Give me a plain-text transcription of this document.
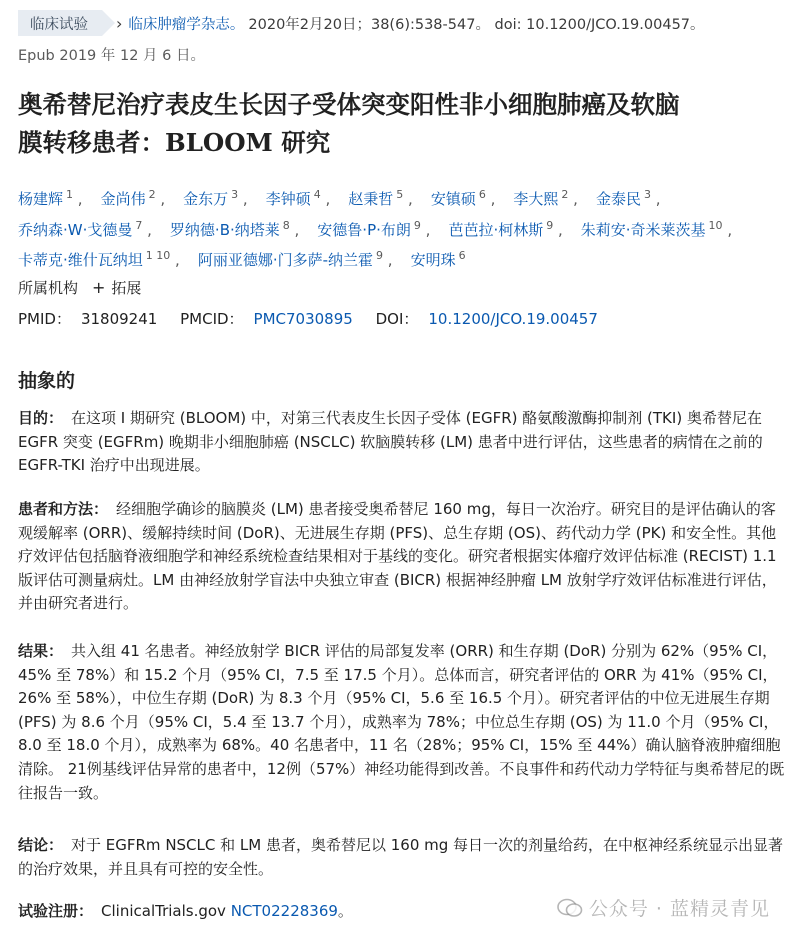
临床试验	› 临床肿瘤学杂志。 2020年2月20日；38(6):538-547。 doi: 10.1200/JCO.19.00457。
Epub 2019 年 12 月 6 日。
奥希替尼治疗表皮生长因子受体突变阳性非小细胞肺癌及软脑
膜转移患者：BLOOM 研究
杨建辉 $^1$ , 金尚伟 $^2$ , 金东万 $^3$ , 李钟硕 $^4$ , 赵秉哲 $^5$ , 安镇硕 $^6$ , 李大熙 $^2$ , 金泰民 $^3$ ,乔纳森·W·戈德曼 $^7$ , 罗纳德·B·纳塔莱 $^8$ , 安德鲁·P·布朗 $^9$ , 芭芭拉·柯林斯 $^9$ , 朱莉安·奇米莱茨基 $^{10}$ ,卡蒂克·维什瓦纳坦 $^{1 10}$ , 阿丽亚德娜·门多萨-纳兰霍 $^9$ , 安明珠 $^6$
所属机构 + 拓展
PMID： 31809241 PMCID： PMC7030895 DOI： 10.1200/JCO.19.00457
抽象的

目的： 在这项 I 期研究 (BLOOM) 中，对第三代表皮生长因子受体 (EGFR) 酪氨酸激酶抑制剂 (TKI) 奥希替尼在 EGFR 突变 (EGFRm) 晚期非小细胞肺癌 (NSCLC) 软脑膜转移 (LM) 患者中进行评估，这些患者的病情在之前的 EGFR-TKI 治疗中出现进展。

患者和方法： 经细胞学确诊的脑膜炎 (LM) 患者接受奥希替尼 160 mg，每日一次治疗。研究目的是评估确认的客观缓解率 (ORR)、缓解持续时间 (DoR)、无进展生存期 (PFS)、总生存期 (OS)、药代动力学 (PK) 和安全性。其他疗效评估包括脑脊液细胞学和神经系统检查结果相对于基线的变化。研究者根据实体瘤疗效评估标准 (RECIST) 1.1 版评估可测量病灶。LM 由神经放射学盲法中央独立审查 (BICR) 根据神经肿瘤 LM 放射学疗效评估标准进行评估，并由研究者进行。

结果： 共入组 41 名患者。神经放射学 BICR 评估的局部复发率 (ORR) 和生存期 (DoR) 分别为 62%（95% CI，45% 至 78%）和 15.2 个月（95% CI，7.5 至 17.5 个月）。总体而言，研究者评估的 ORR 为 41%（95% CI，26% 至 58%），中位生存期 (DoR) 为 8.3 个月（95% CI，5.6 至 16.5 个月）。研究者评估的中位无进展生存期 (PFS) 为 8.6 个月（95% CI，5.4 至 13.7 个月），成熟率为 78%；中位总生存期 (OS) 为 11.0 个月（95% CI，8.0 至 18.0 个月），成熟率为 68%。40 名患者中，11 名（28%；95% CI，15% 至 44%）确认脑脊液肿瘤细胞清除。 21例基线评估异常的患者中，12例（57%）神经功能得到改善。不良事件和药代动力学特征与奥希替尼的既往报告一致。

结论： 对于 EGFRm NSCLC 和 LM 患者，奥希替尼以 160 mg 每日一次的剂量给药，在中枢神经系统显示出显著的治疗效果，并且具有可控的安全性。

试验注册： ClinicalTrials.gov NCT02228369。	公众号 · 蓝精灵青见
